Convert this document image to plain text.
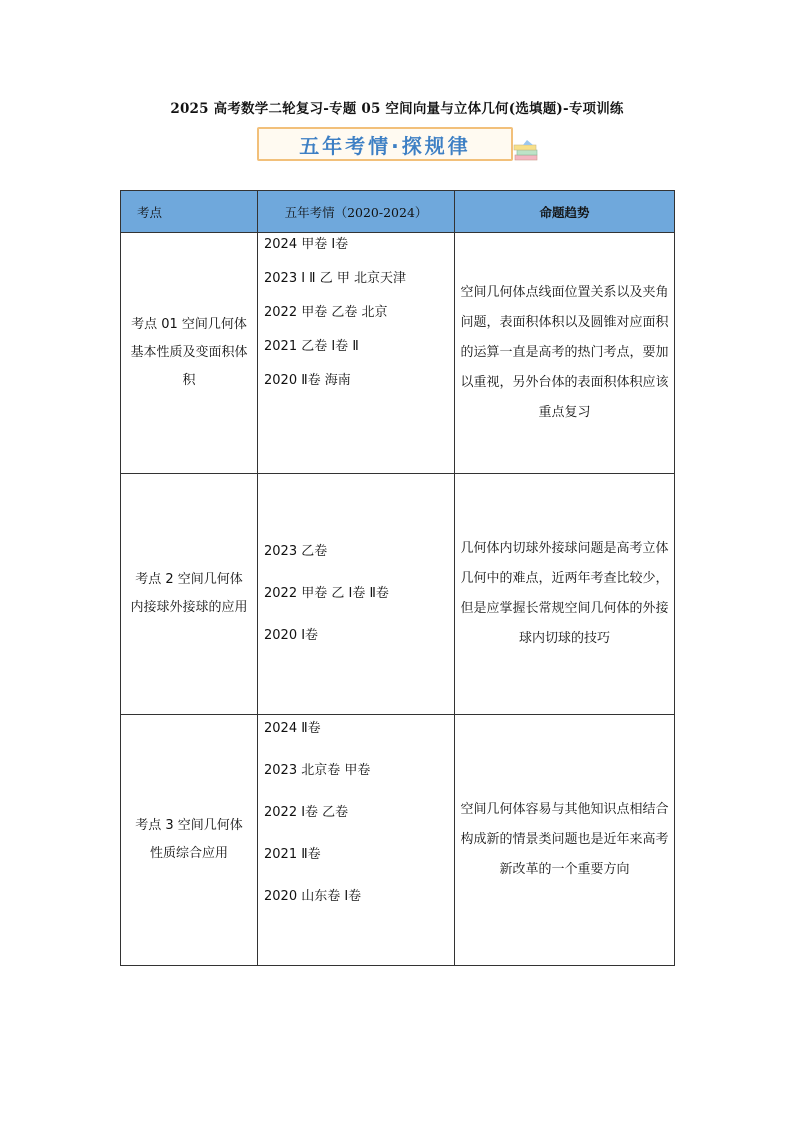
2025 高考数学二轮复习-专题 05 空间向量与立体几何(选填题)-专项训练
五年考情·探规律
考点	五年考情（2020-2024）	命题趋势
考点 01 空间几何体基本性质及变面积体积	2024 甲卷 Ⅰ卷
2023 Ⅰ Ⅱ 乙 甲 北京天津
2022 甲卷 乙卷 北京
2021 乙卷 Ⅰ卷 Ⅱ
2020 Ⅱ卷 海南	空间几何体点线面位置关系以及夹角问题，表面积体积以及圆锥对应面积的运算一直是高考的热门考点，要加以重视，另外台体的表面积体积应该重点复习
考点 2 空间几何体内接球外接球的应用	2023 乙卷
2022 甲卷 乙 Ⅰ卷 Ⅱ卷
2020 Ⅰ卷	几何体内切球外接球问题是高考立体几何中的难点，近两年考查比较少，但是应掌握长常规空间几何体的外接球内切球的技巧
考点 3 空间几何体性质综合应用	2024 Ⅱ卷
2023 北京卷 甲卷
2022 Ⅰ卷 乙卷
2021 Ⅱ卷
2020 山东卷 Ⅰ卷	空间几何体容易与其他知识点相结合构成新的情景类问题也是近年来高考新改革的一个重要方向
